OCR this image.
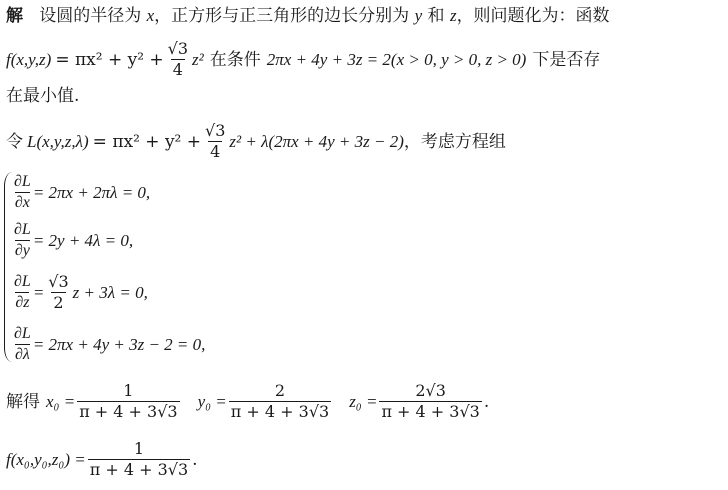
解 设圆的半径为 x，正方形与正三角形的边长分别为 y 和 z，则问题化为：函数
$f(x,y,z) = \pi x^2 + y^2 + \frac{√3}{4} z^2$ 在条件 2πx + 4y + 3z = 2(x > 0, y > 0, z > 0) 下是否存
在最小值.
令 $L(x,y,z,\lambda) = \pi x^2 + y^2 + \frac{√3}{4} z^2 + \lambda(2\pi x + 4y + 3z - 2)$ ，考虑方程组
$\frac{\partial L}{\partial x} = 2\pi x + 2\pi\lambda = 0$,
$\frac{\partial L}{\partial y} = 2y + 4\lambda = 0$,
$\frac{\partial L}{\partial z} = \frac{√3}{2}$ z + 3λ = 0,
$\frac{\partial L}{\partial\lambda} = 2\pi x + 4y + 3z - 2 = 0$,
解得 $x_0 = \frac{1}{\pi + 4 + 3√3} y_0 = \frac{2}{\pi + 4 + 3√3} z_0 = \frac{2√3}{\pi + 4 + 3√3}$ .
$f(x_0,y_0,z_0) = \frac{1}{\pi + 4 + 3√3}$ .
